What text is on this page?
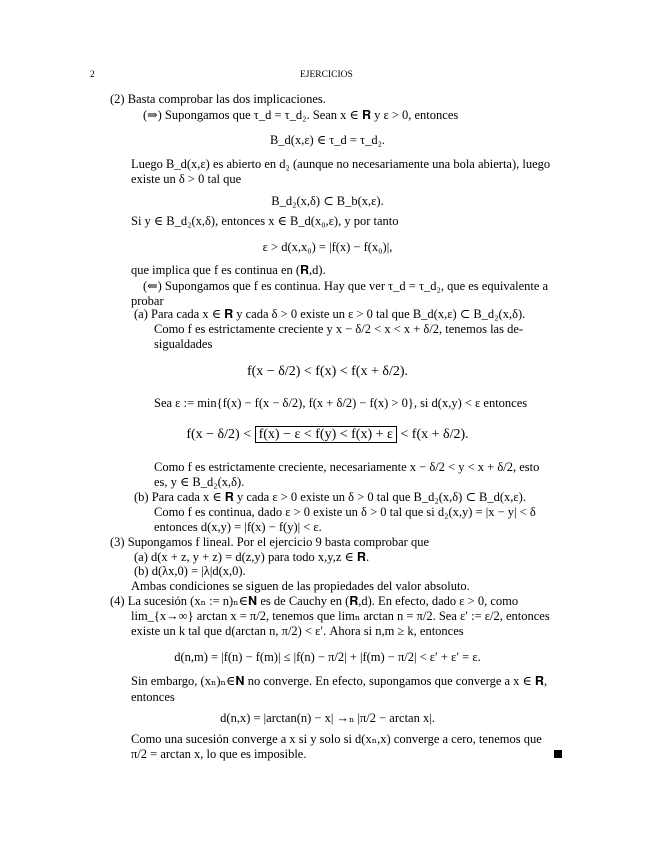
2	EJERCICIOS
(2) Basta comprobar las dos implicaciones.
(⇒) Supongamos que τ_d = τ_d₂. Sean x ∈ 𝐑 y ε > 0, entonces
B_d(x,ε) ∈ τ_d = τ_d₂.
Luego B_d(x,ε) es abierto en d₂ (aunque no necesariamente una bola abierta), luego
existe un δ > 0 tal que
B_d₂(x,δ) ⊂ B_b(x,ε).
Si y ∈ B_d₂(x,δ), entonces x ∈ B_d(x₀,ε), y por tanto
ε > d(x,x₀) = |f(x) − f(x₀)|,
que implica que f es continua en (𝐑,d).
(⇐) Supongamos que f es continua. Hay que ver τ_d = τ_d₂, que es equivalente a
probar
(a) Para cada x ∈ 𝐑 y cada δ > 0 existe un ε > 0 tal que B_d(x,ε) ⊂ B_d₂(x,δ).
Como f es estrictamente creciente y x − δ/2 < x < x + δ/2, tenemos las de-
sigualdades
f(x − δ/2) < f(x) < f(x + δ/2).
Sea ε := min{f(x) − f(x − δ/2), f(x + δ/2) − f(x) > 0}, si d(x,y) < ε entonces
f(x − δ/2) < f(x) − ε < f(y) < f(x) + ε < f(x + δ/2).
Como f es estrictamente creciente, necesariamente x − δ/2 < y < x + δ/2, esto
es, y ∈ B_d₂(x,δ).
(b) Para cada x ∈ 𝐑 y cada ε > 0 existe un δ > 0 tal que B_d₂(x,δ) ⊂ B_d(x,ε).
Como f es continua, dado ε > 0 existe un δ > 0 tal que si d₂(x,y) = |x − y| < δ
entonces d(x,y) = |f(x) − f(y)| < ε.
(3) Supongamos f lineal. Por el ejercicio 9 basta comprobar que
(a) d(x + z, y + z) = d(z,y) para todo x,y,z ∈ 𝐑.
(b) d(λx,0) = |λ|d(x,0).
Ambas condiciones se siguen de las propiedades del valor absoluto.
(4) La sucesión (xₙ := n)ₙ∈𝐍 es de Cauchy en (𝐑,d). En efecto, dado ε > 0, como
lim_{x→∞} arctan x = π/2, tenemos que limₙ arctan n = π/2. Sea ε′ := ε/2, entonces
existe un k tal que d(arctan n, π/2) < ε′. Ahora si n,m ≥ k, entonces
d(n,m) = |f(n) − f(m)| ≤ |f(n) − π/2| + |f(m) − π/2| < ε′ + ε′ = ε.
Sin embargo, (xₙ)ₙ∈𝐍 no converge. En efecto, supongamos que converge a x ∈ 𝐑,
entonces
d(n,x) = |arctan(n) − x| →ₙ |π/2 − arctan x|.
Como una sucesión converge a x si y solo si d(xₙ,x) converge a cero, tenemos que
π/2 = arctan x, lo que es imposible.
